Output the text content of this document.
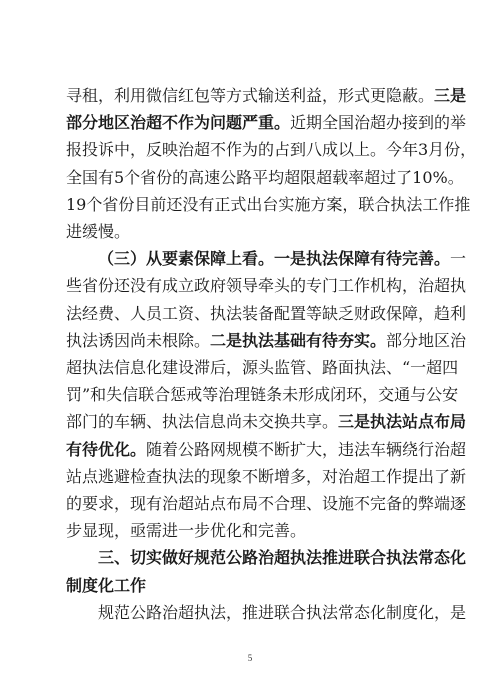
寻租，利用微信红包等方式输送利益，形式更隐蔽。三是
部分地区治超不作为问题严重。近期全国治超办接到的举
报投诉中，反映治超不作为的占到八成以上。今年3月份，
全国有5个省份的高速公路平均超限超载率超过了10%。
19个省份目前还没有正式出台实施方案，联合执法工作推
进缓慢。
（三）从要素保障上看。一是执法保障有待完善。一
些省份还没有成立政府领导牵头的专门工作机构，治超执
法经费、人员工资、执法装备配置等缺乏财政保障，趋利
执法诱因尚未根除。二是执法基础有待夯实。部分地区治
超执法信息化建设滞后，源头监管、路面执法、“一超四
罚”和失信联合惩戒等治理链条未形成闭环，交通与公安
部门的车辆、执法信息尚未交换共享。三是执法站点布局
有待优化。随着公路网规模不断扩大，违法车辆绕行治超
站点逃避检查执法的现象不断增多，对治超工作提出了新
的要求，现有治超站点布局不合理、设施不完备的弊端逐
步显现，亟需进一步优化和完善。
三、切实做好规范公路治超执法推进联合执法常态化
制度化工作
规范公路治超执法，推进联合执法常态化制度化，是
5
